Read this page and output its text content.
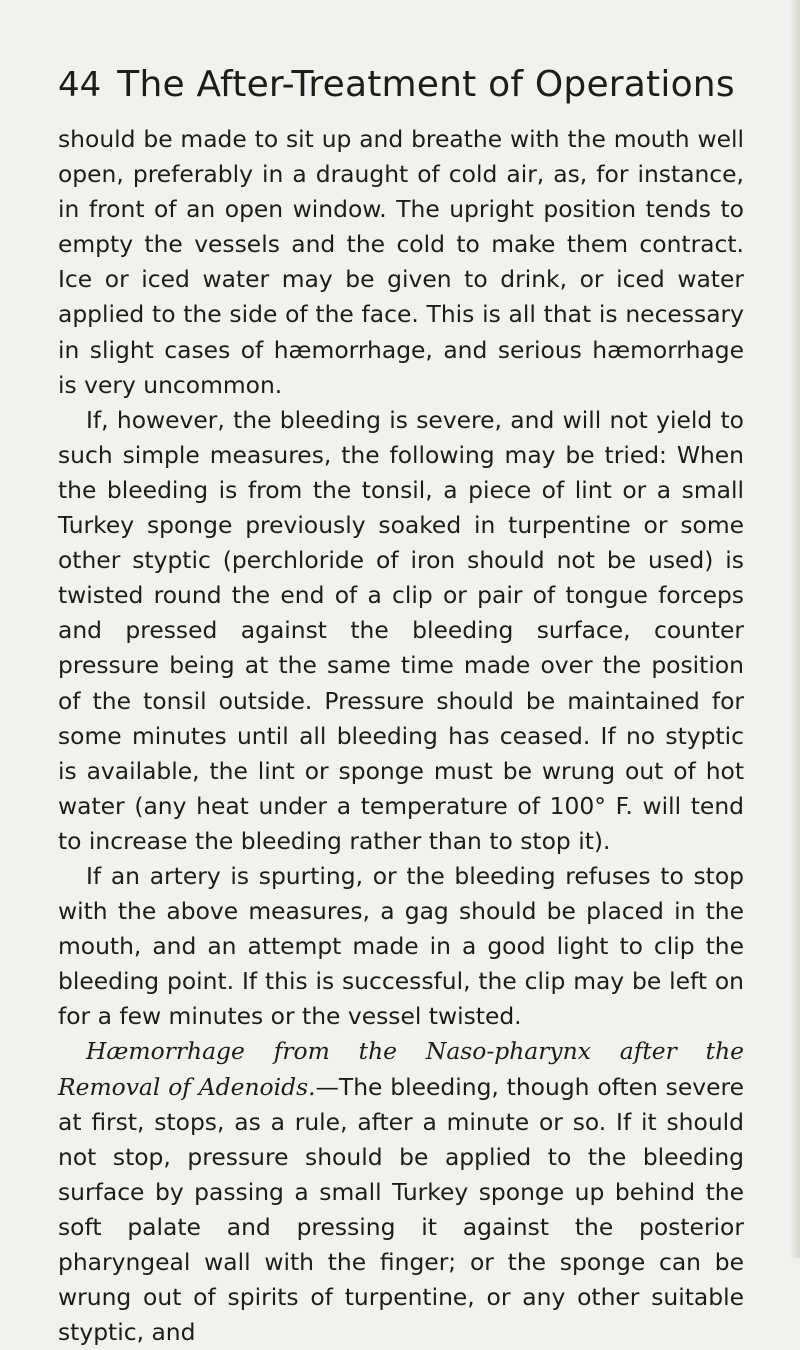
44 The After-Treatment of Operations

should be made to sit up and breathe with the mouth well open, preferably in a draught of cold air, as, for instance, in front of an open window. The upright position tends to empty the vessels and the cold to make them contract. Ice or iced water may be given to drink, or iced water applied to the side of the face. This is all that is necessary in slight cases of hæmorrhage, and serious hæmorrhage is very uncommon.

If, however, the bleeding is severe, and will not yield to such simple measures, the following may be tried: When the bleeding is from the tonsil, a piece of lint or a small Turkey sponge previously soaked in turpentine or some other styptic (perchloride of iron should not be used) is twisted round the end of a clip or pair of tongue forceps and pressed against the bleeding surface, counter pressure being at the same time made over the position of the tonsil outside. Pressure should be maintained for some minutes until all bleeding has ceased. If no styptic is available, the lint or sponge must be wrung out of hot water (any heat under a temperature of 100° F. will tend to increase the bleeding rather than to stop it).

If an artery is spurting, or the bleeding refuses to stop with the above measures, a gag should be placed in the mouth, and an attempt made in a good light to clip the bleeding point. If this is successful, the clip may be left on for a few minutes or the vessel twisted.

Hæmorrhage from the Naso-pharynx after the Removal of Adenoids.—The bleeding, though often severe at first, stops, as a rule, after a minute or so. If it should not stop, pressure should be applied to the bleeding surface by passing a small Turkey sponge up behind the soft palate and pressing it against the posterior pharyngeal wall with the finger; or the sponge can be wrung out of spirits of turpentine, or any other suitable styptic, and
